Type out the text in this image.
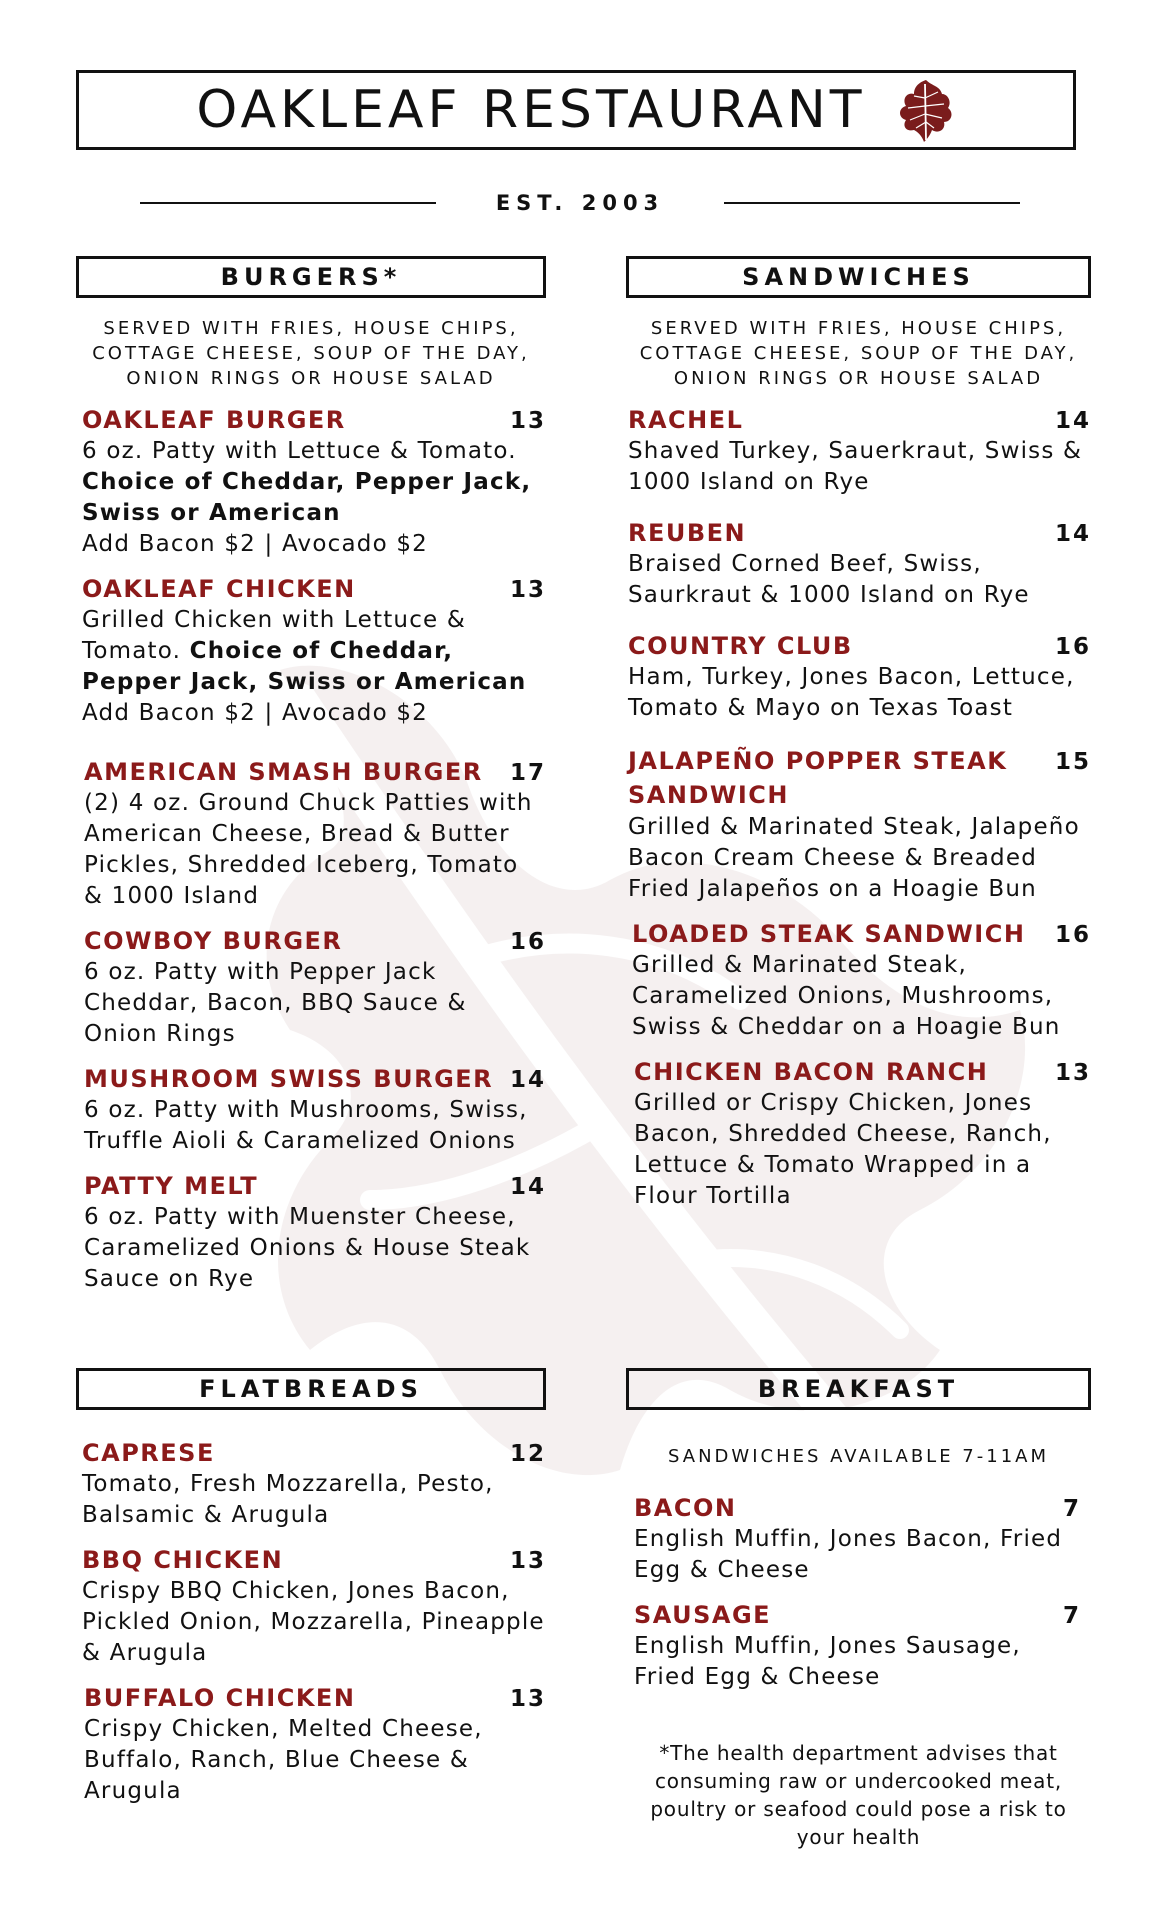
OAKLEAF RESTAURANT
EST. 2003
BURGERS*
SERVED WITH FRIES, HOUSE CHIPS, COTTAGE CHEESE, SOUP OF THE DAY, ONION RINGS OR HOUSE SALAD
OAKLEAF BURGER	13
6 oz. Patty with Lettuce & Tomato. Choice of Cheddar, Pepper Jack, Swiss or American
Add Bacon $2 | Avocado $2
OAKLEAF CHICKEN	13
Grilled Chicken with Lettuce & Tomato. Choice of Cheddar, Pepper Jack, Swiss or American
Add Bacon $2 | Avocado $2
AMERICAN SMASH BURGER 17
(2) 4 oz. Ground Chuck Patties with American Cheese, Bread & Butter Pickles, Shredded Iceberg, Tomato & 1000 Island
COWBOY BURGER	16
6 oz. Patty with Pepper Jack Cheddar, Bacon, BBQ Sauce & Onion Rings
MUSHROOM SWISS BURGER 14
6 oz. Patty with Mushrooms, Swiss, Truffle Aioli & Caramelized Onions
PATTY MELT	14
6 oz. Patty with Muenster Cheese, Caramelized Onions & House Steak Sauce on Rye
SANDWICHES
SERVED WITH FRIES, HOUSE CHIPS, COTTAGE CHEESE, SOUP OF THE DAY, ONION RINGS OR HOUSE SALAD
RACHEL	14
Shaved Turkey, Sauerkraut, Swiss & 1000 Island on Rye
REUBEN	14
Braised Corned Beef, Swiss, Saurkraut & 1000 Island on Rye
COUNTRY CLUB	16
Ham, Turkey, Jones Bacon, Lettuce, Tomato & Mayo on Texas Toast
JALAPEÑO POPPER STEAK SANDWICH
15
Grilled & Marinated Steak, Jalapeño Bacon Cream Cheese & Breaded Fried Jalapeños on a Hoagie Bun
LOADED STEAK SANDWICH 16
Grilled & Marinated Steak, Caramelized Onions, Mushrooms, Swiss & Cheddar on a Hoagie Bun
CHICKEN BACON RANCH	13
Grilled or Crispy Chicken, Jones Bacon, Shredded Cheese, Ranch, Lettuce & Tomato Wrapped in a Flour Tortilla
FLATBREADS
CAPRESE	12
Tomato, Fresh Mozzarella, Pesto, Balsamic & Arugula
BBQ CHICKEN	13
Crispy BBQ Chicken, Jones Bacon, Pickled Onion, Mozzarella, Pineapple & Arugula
BUFFALO CHICKEN	13
Crispy Chicken, Melted Cheese, Buffalo, Ranch, Blue Cheese & Arugula
BREAKFAST
SANDWICHES AVAILABLE 7-11AM
BACON	7
English Muffin, Jones Bacon, Fried Egg & Cheese
SAUSAGE	7
English Muffin, Jones Sausage, Fried Egg & Cheese
*The health department advises that consuming raw or undercooked meat, poultry or seafood could pose a risk to your health
